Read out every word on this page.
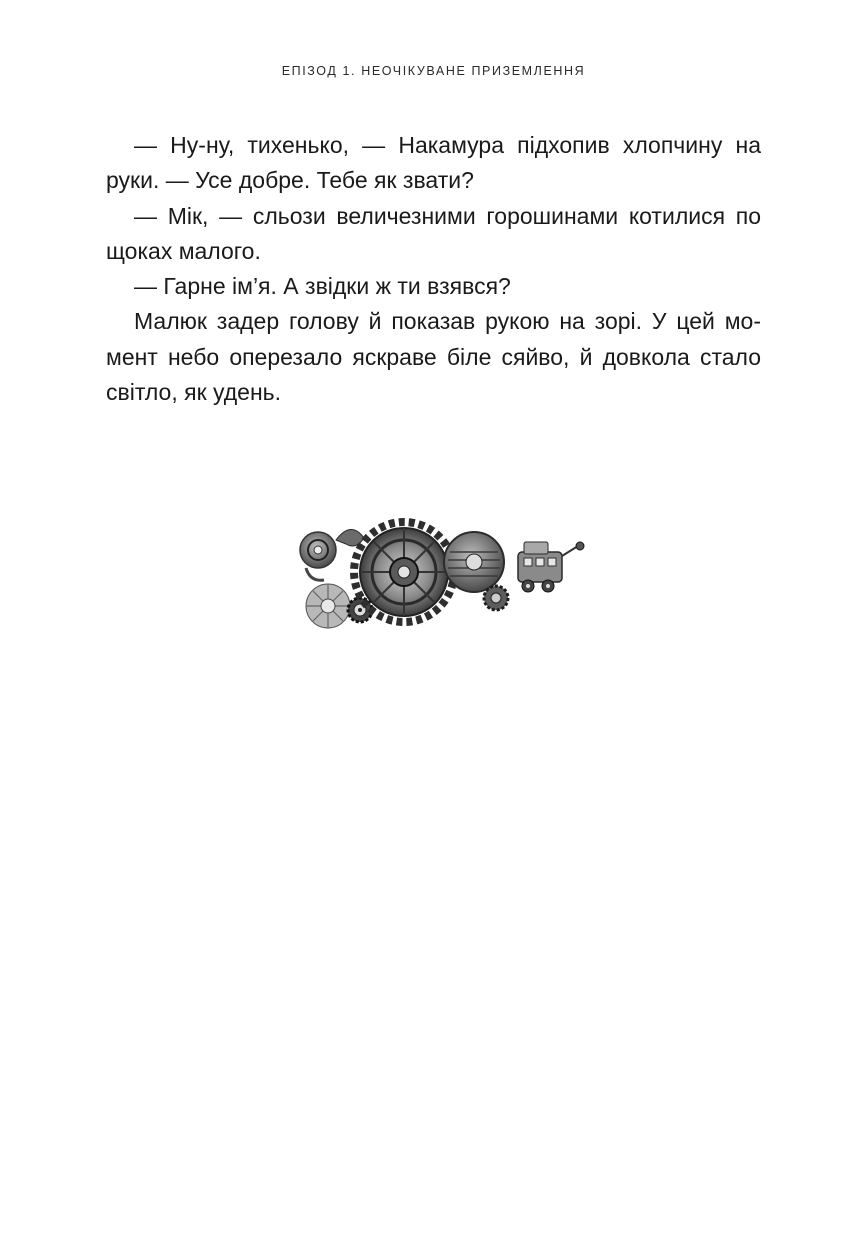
ЕПІЗОД 1. НЕОЧІКУВАНЕ ПРИЗЕМЛЕННЯ

— Ну-ну, тихенько, — Накамура підхопив хлопчину на руки. — Усе добре. Тебе як звати?

— Мік, — сльози величезними горошинами котилися по щоках малого.

— Гарне ім’я. А звідки ж ти взявся?

Малюк задер голову й показав рукою на зорі. У цей момент небо оперезало яскраве біле сяйво, й довкола стало світло, як удень.
